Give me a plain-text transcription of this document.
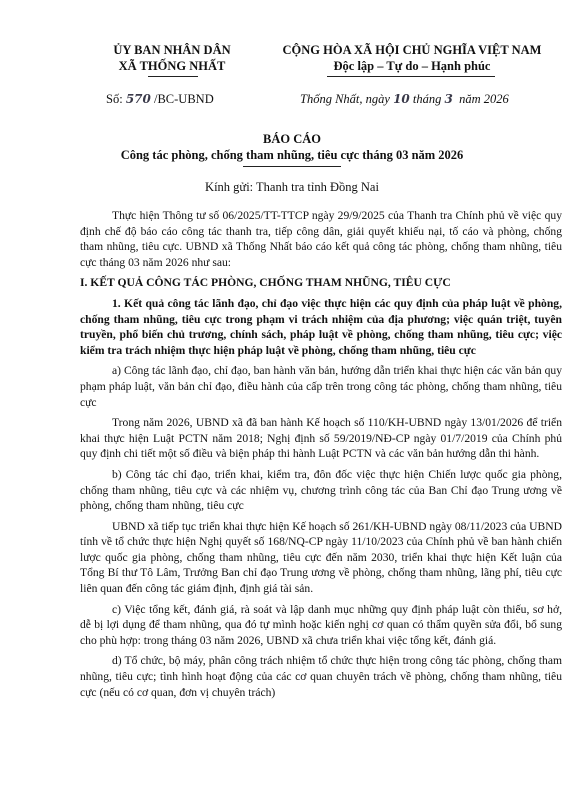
ỦY BAN NHÂN DÂN
XÃ THỐNG NHẤT
CỘNG HÒA XÃ HỘI CHỦ NGHĨA VIỆT NAM
Độc lập – Tự do – Hạnh phúc
Số: 570 /BC-UBND	Thống Nhất, ngày 10 tháng 3  năm 2026
BÁO CÁO
Công tác phòng, chống tham nhũng, tiêu cực tháng 03 năm 2026
Kính gửi: Thanh tra tỉnh Đồng Nai

Thực hiện Thông tư số 06/2025/TT-TTCP ngày 29/9/2025 của Thanh tra Chính phủ về việc quy định chế độ báo cáo công tác thanh tra, tiếp công dân, giải quyết khiếu nại, tố cáo và phòng, chống tham nhũng, tiêu cực. UBND xã Thống Nhất báo cáo kết quả công tác phòng, chống tham nhũng, tiêu cực tháng 03 năm 2026 như sau:

I. KẾT QUẢ CÔNG TÁC PHÒNG, CHỐNG THAM NHŨNG, TIÊU CỰC

1. Kết quả công tác lãnh đạo, chỉ đạo việc thực hiện các quy định của pháp luật về phòng, chống tham nhũng, tiêu cực trong phạm vi trách nhiệm của địa phương; việc quán triệt, tuyên truyền, phổ biến chủ trương, chính sách, pháp luật về phòng, chống tham nhũng, tiêu cực; việc kiểm tra trách nhiệm thực hiện pháp luật về phòng, chống tham nhũng, tiêu cực

a) Công tác lãnh đạo, chỉ đạo, ban hành văn bản, hướng dẫn triển khai thực hiện các văn bản quy phạm pháp luật, văn bản chỉ đạo, điều hành của cấp trên trong công tác phòng, chống tham nhũng, tiêu cực

Trong năm 2026, UBND xã đã ban hành Kế hoạch số 110/KH-UBND ngày 13/01/2026 để triển khai thực hiện Luật PCTN năm 2018; Nghị định số 59/2019/NĐ-CP ngày 01/7/2019 của Chính phủ quy định chi tiết một số điều và biện pháp thi hành Luật PCTN và các văn bản hướng dẫn thi hành.

b) Công tác chỉ đạo, triển khai, kiểm tra, đôn đốc việc thực hiện Chiến lược quốc gia phòng, chống tham nhũng, tiêu cực và các nhiệm vụ, chương trình công tác của Ban Chỉ đạo Trung ương về phòng, chống tham nhũng, tiêu cực

UBND xã tiếp tục triển khai thực hiện Kế hoạch số 261/KH-UBND ngày 08/11/2023 của UBND tỉnh về tổ chức thực hiện Nghị quyết số 168/NQ-CP ngày 11/10/2023 của Chính phủ về ban hành chiến lược quốc gia phòng, chống tham nhũng, tiêu cực đến năm 2030, triển khai thực hiện Kết luận của Tổng Bí thư Tô Lâm, Trưởng Ban chỉ đạo Trung ương về phòng, chống tham nhũng, lãng phí, tiêu cực liên quan đến công tác giám định, định giá tài sản.

c) Việc tổng kết, đánh giá, rà soát và lập danh mục những quy định pháp luật còn thiếu, sơ hở, dễ bị lợi dụng để tham nhũng, qua đó tự mình hoặc kiến nghị cơ quan có thẩm quyền sửa đổi, bổ sung cho phù hợp: trong tháng 03 năm 2026, UBND xã chưa triển khai việc tổng kết, đánh giá.

d) Tổ chức, bộ máy, phân công trách nhiệm tổ chức thực hiện trong công tác phòng, chống tham nhũng, tiêu cực; tình hình hoạt động của các cơ quan chuyên trách về phòng, chống tham nhũng, tiêu cực (nếu có cơ quan, đơn vị chuyên trách)
